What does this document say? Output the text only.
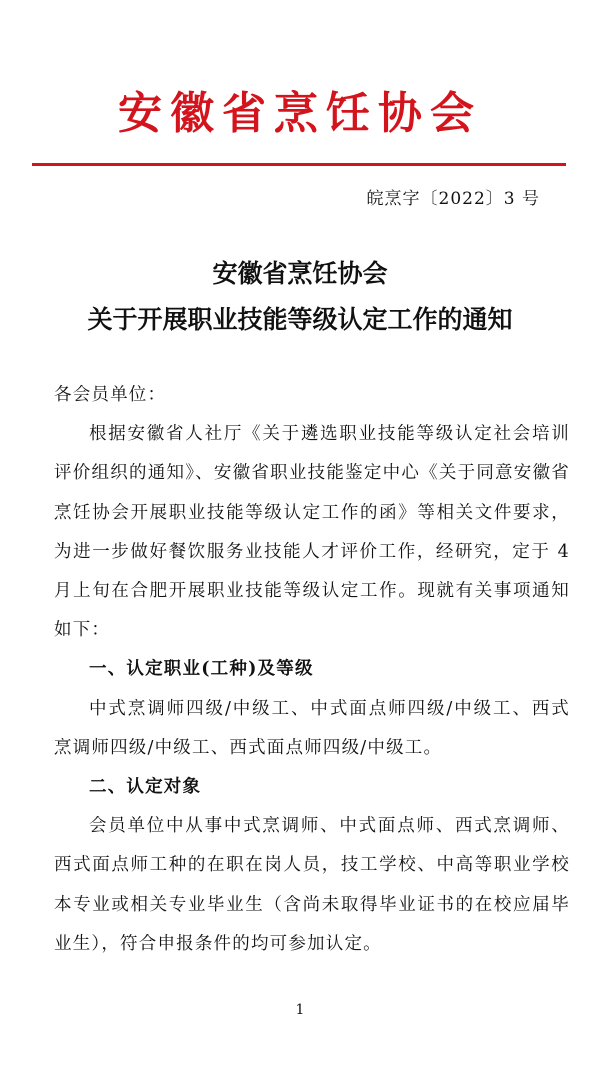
安徽省烹饪协会
皖烹字〔2022〕3 号
安徽省烹饪协会
关于开展职业技能等级认定工作的通知

各会员单位：

根据安徽省人社厅《关于遴选职业技能等级认定社会培训评价组织的通知》、安徽省职业技能鉴定中心《关于同意安徽省烹饪协会开展职业技能等级认定工作的函》等相关文件要求，为进一步做好餐饮服务业技能人才评价工作，经研究，定于 4 月上旬在合肥开展职业技能等级认定工作。现就有关事项通知如下：

一、认定职业(工种)及等级

中式烹调师四级/中级工、中式面点师四级/中级工、西式烹调师四级/中级工、西式面点师四级/中级工。

二、认定对象

会员单位中从事中式烹调师、中式面点师、西式烹调师、西式面点师工种的在职在岗人员，技工学校、中高等职业学校本专业或相关专业毕业生（含尚未取得毕业证书的在校应届毕业生），符合申报条件的均可参加认定。

1
